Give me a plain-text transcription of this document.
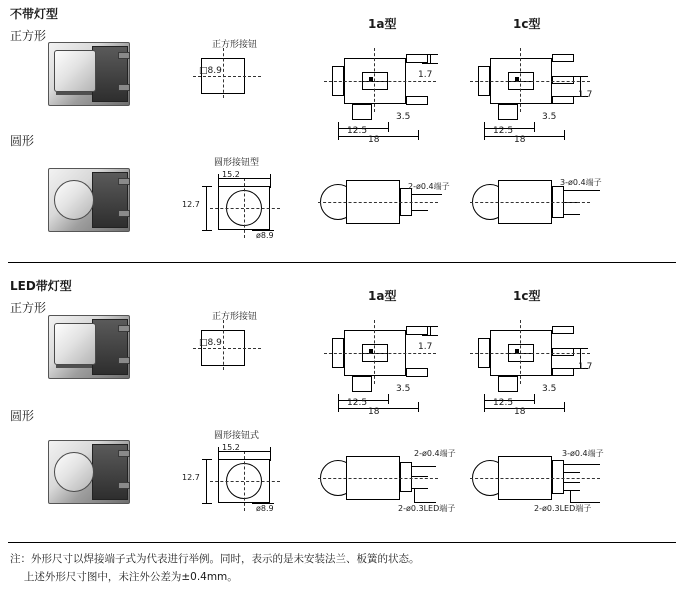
不带灯型
正方形
圆形
1a型	1c型
正方形接钮
□8.9	1.7
12.5
18
3.5
1.7
12.5
18
3.5
圆形接钮型
15.2
12.7
ø8.9
2-ø0.4端子	3-ø0.4端子
LED带灯型
正方形
圆形
1a型	1c型
正方形接钮
□8.9	1.7
12.5
18
3.5
1.7
12.5
18
3.5
圆形接钮式
15.2
12.7
ø8.9
2-ø0.4端子
2-ø0.3LED端子
3-ø0.4端子
2-ø0.3LED端子
注：外形尺寸以焊接端子式为代表进行举例。同时，表示的是未安装法兰、板簧的状态。
　 上述外形尺寸图中，未注外公差为±0.4mm。
